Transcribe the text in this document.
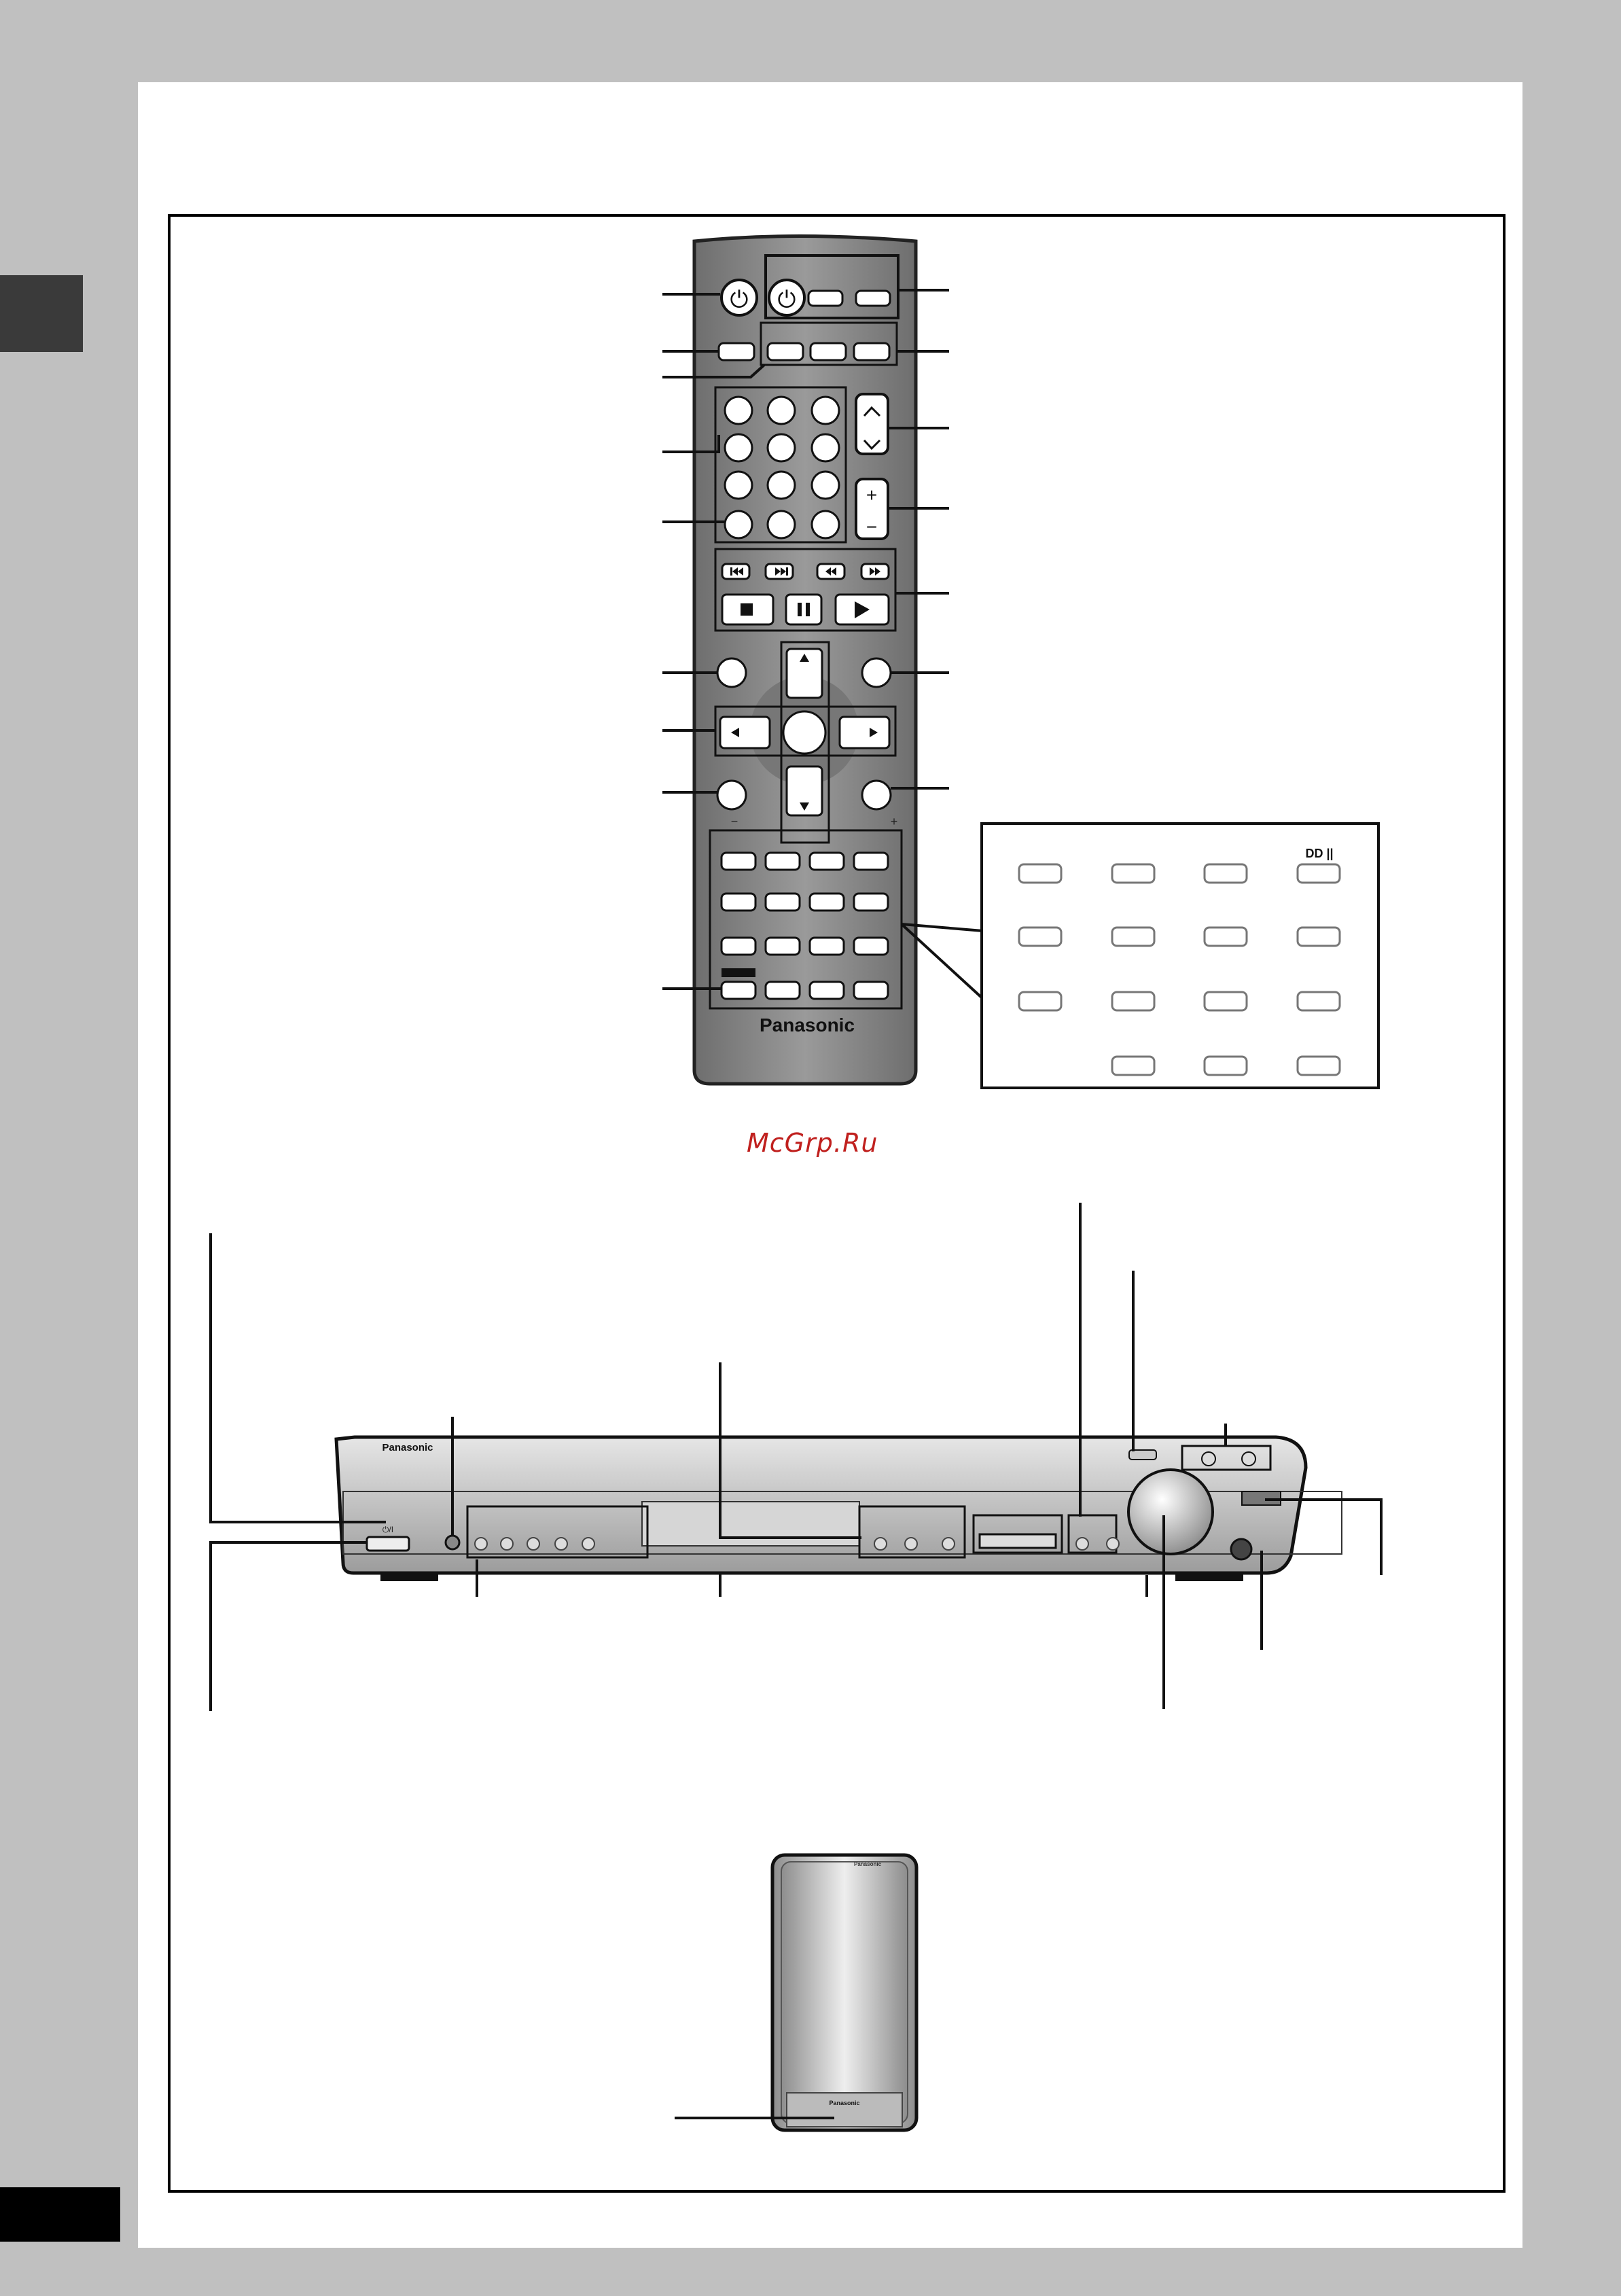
⏻ ⏻
+
−
−	+
Panasonic
DD ||
Panasonic
⏻/I
Panasonic
Panasonic
McGrp.Ru
